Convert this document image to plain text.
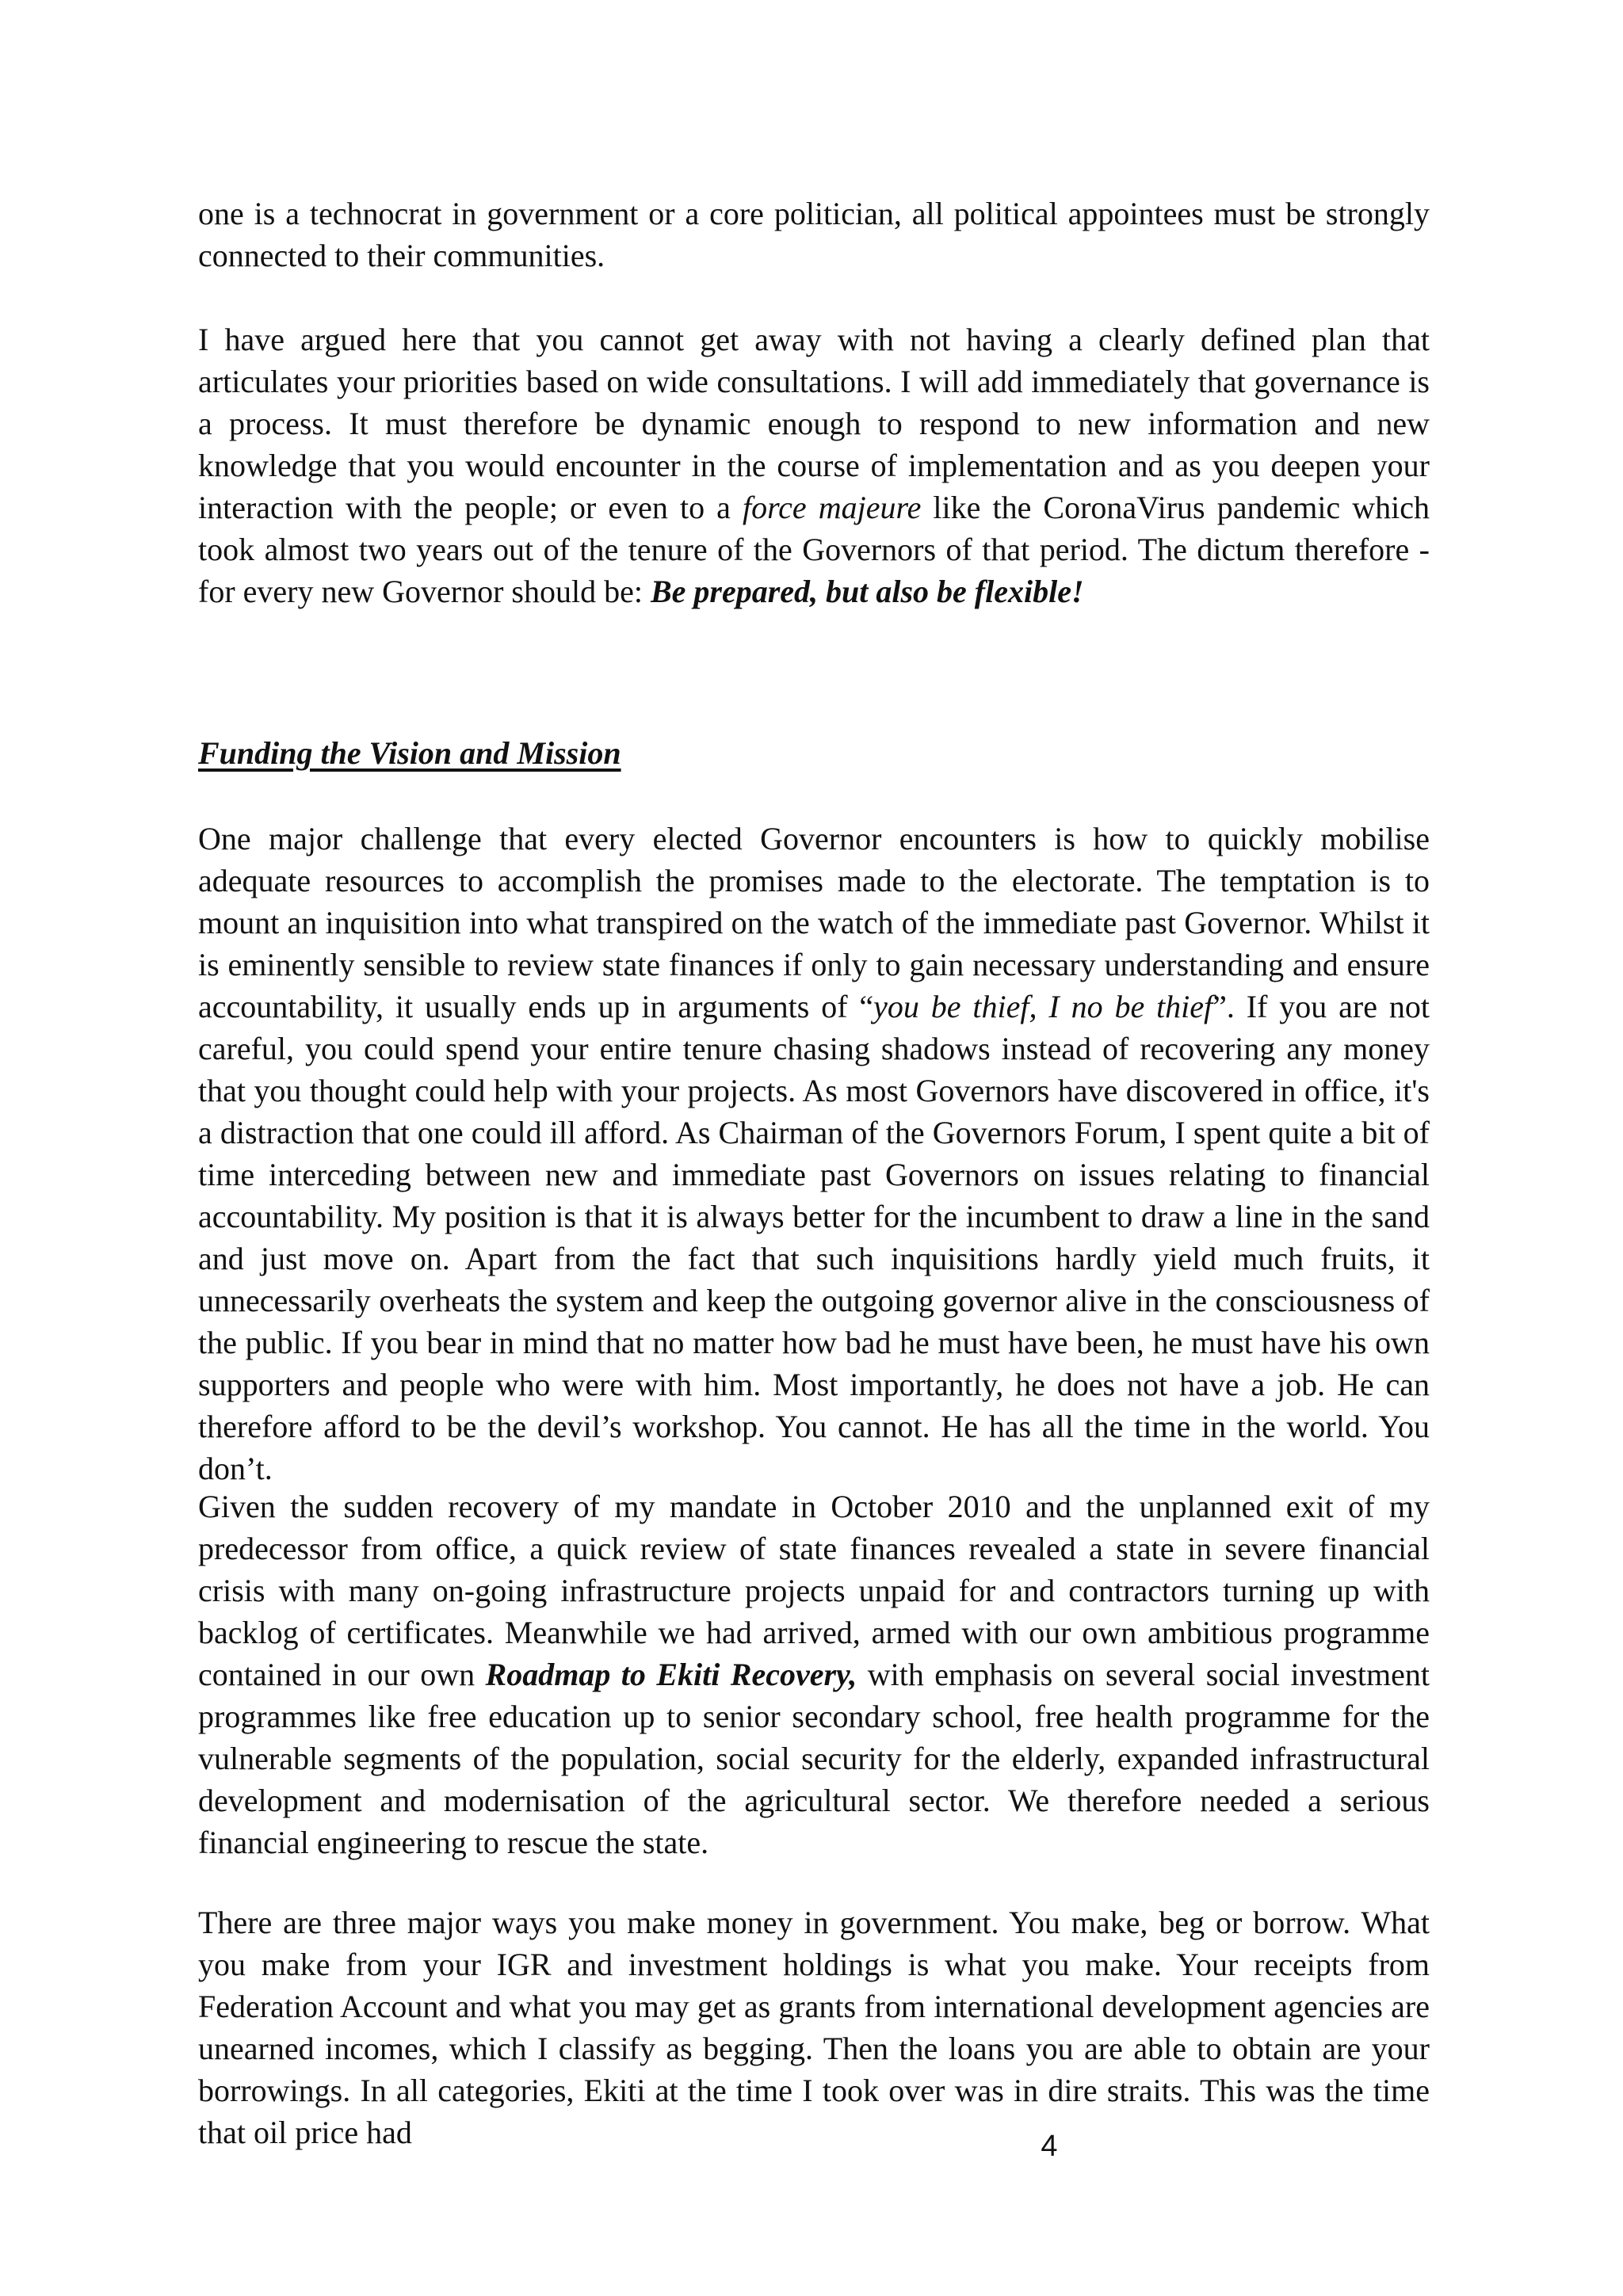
one is a technocrat in government or a core politician, all political appointees must be strongly connected to their communities.

I have argued here that you cannot get away with not having a clearly defined plan that articulates your priorities based on wide consultations. I will add immediately that governance is a process. It must therefore be dynamic enough to respond to new information and new knowledge that you would encounter in the course of implementation and as you deepen your interaction with the people; or even to a force majeure like the CoronaVirus pandemic which took almost two years out of the tenure of the Governors of that period. The dictum therefore - for every new Governor should be: Be prepared, but also be flexible!

Funding the Vision and Mission

One major challenge that every elected Governor encounters is how to quickly mobilise adequate resources to accomplish the promises made to the electorate. The temptation is to mount an inquisition into what transpired on the watch of the immediate past Governor. Whilst it is eminently sensible to review state finances if only to gain necessary understanding and ensure accountability, it usually ends up in arguments of “you be thief, I no be thief”. If you are not careful, you could spend your entire tenure chasing shadows instead of recovering any money that you thought could help with your projects. As most Governors have discovered in office, it's a distraction that one could ill afford. As Chairman of the Governors Forum, I spent quite a bit of time interceding between new and immediate past Governors on issues relating to financial accountability. My position is that it is always better for the incumbent to draw a line in the sand and just move on. Apart from the fact that such inquisitions hardly yield much fruits, it unnecessarily overheats the system and keep the outgoing governor alive in the consciousness of the public. If you bear in mind that no matter how bad he must have been, he must have his own supporters and people who were with him. Most importantly, he does not have a job. He can therefore afford to be the devil’s workshop. You cannot. He has all the time in the world. You don’t.

Given the sudden recovery of my mandate in October 2010 and the unplanned exit of my predecessor from office, a quick review of state finances revealed a state in severe financial crisis with many on-going infrastructure projects unpaid for and contractors turning up with backlog of certificates. Meanwhile we had arrived, armed with our own ambitious programme contained in our own Roadmap to Ekiti Recovery, with emphasis on several social investment programmes like free education up to senior secondary school, free health programme for the vulnerable segments of the population, social security for the elderly, expanded infrastructural development and modernisation of the agricultural sector. We therefore needed a serious financial engineering to rescue the state.

There are three major ways you make money in government. You make, beg or borrow. What you make from your IGR and investment holdings is what you make. Your receipts from Federation Account and what you may get as grants from international development agencies are unearned incomes, which I classify as begging. Then the loans you are able to obtain are your borrowings. In all categories, Ekiti at the time I took over was in dire straits. This was the time that oil price had	4
